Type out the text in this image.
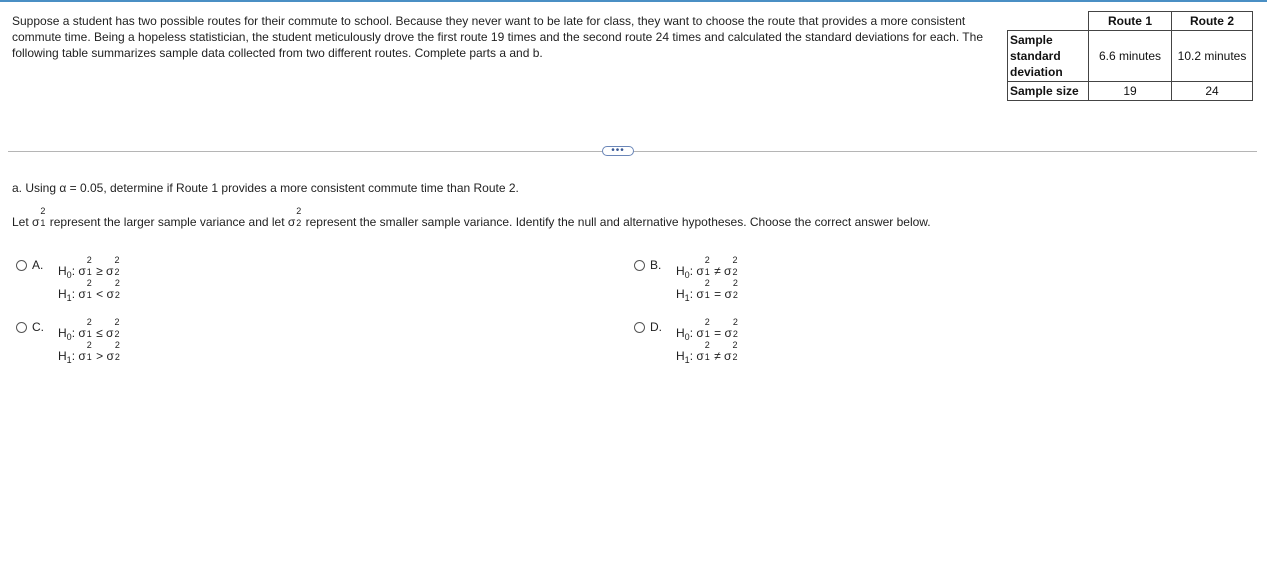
Suppose a student has two possible routes for their commute to school. Because they never want to be late for class, they want to choose the route that provides a more consistent commute time. Being a hopeless statistician, the student meticulously drove the first route 19 times and the second route 24 times and calculated the standard deviations for each. The following table summarizes sample data collected from two different routes. Complete parts a and b.
	Route 1	Route 2
Sample standard deviation	6.6 minutes	10.2 minutes
Sample size	19	24
•••
a. Using α = 0.05, determine if Route 1 provides a more consistent commute time than Route 2.
Let σ
2
1 represent the larger sample variance and let σ
2
2 represent the smaller sample variance. Identify the null and alternative hypotheses. Choose the correct answer below.
A. $H_0$: σ
2
1 ≥ σ
2
2
$H_1$: σ
2
1 < σ
2
2
B. $H_0$: σ
2
1 ≠ σ
2
2
$H_1$: σ
2
1 = σ
2
2
C. $H_0$: σ
2
1 ≤ σ
2
2
$H_1$: σ
2
1 > σ
2
2
D. $H_0$: σ
2
1 = σ
2
2
$H_1$: σ
2
1 ≠ σ
2
2
